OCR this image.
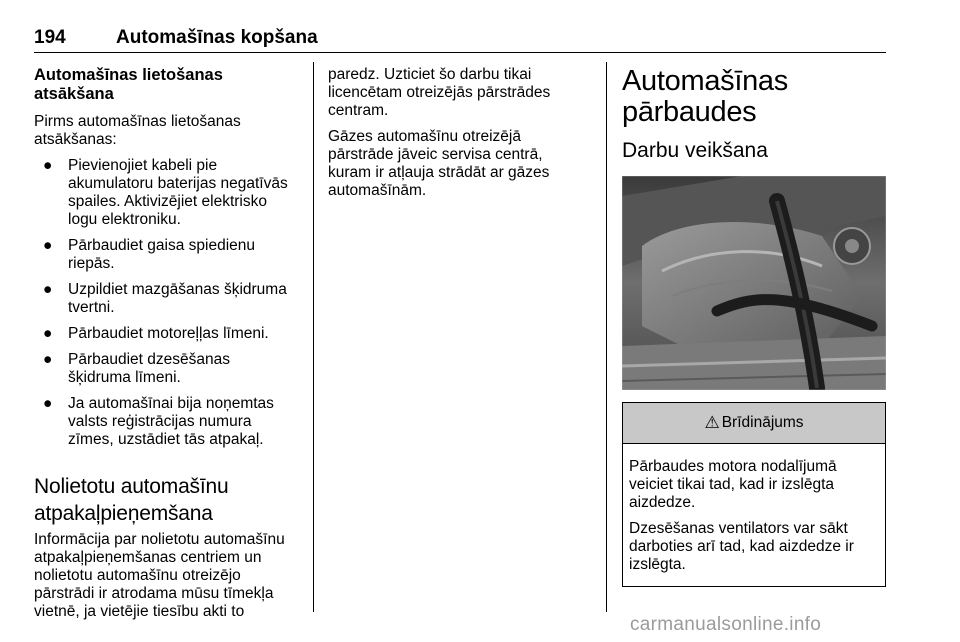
194	Automašīnas kopšana
Automašīnas lietošanas
atsākšana

Pirms automašīnas lietošanas
atsākšanas:

● Pievienojiet kabeli pie
akumulatoru baterijas negatīvās
spailes. Aktivizējiet elektrisko
logu elektroniku.
● Pārbaudiet gaisa spiedienu
riepās.
● Uzpildiet mazgāšanas šķidruma
tvertni.
● Pārbaudiet motoreļļas līmeni.
● Pārbaudiet dzesēšanas
šķidruma līmeni.
● Ja automašīnai bija noņemtas
valsts reģistrācijas numura
zīmes, uzstādiet tās atpakaļ.
Nolietotu automašīnu
atpakaļpieņemšana

Informācija par nolietotu automašīnu
atpakaļpieņemšanas centriem un
nolietotu automašīnu otreizējo
pārstrādi ir atrodama mūsu tīmekļa
vietnē, ja vietējie tiesību akti to

paredz. Uzticiet šo darbu tikai
licencētam otreizējās pārstrādes
centram.

Gāzes automašīnu otreizējā
pārstrāde jāveic servisa centrā,
kuram ir atļauja strādāt ar gāzes
automašīnām.

Automašīnas
pārbaudes
Darbu veikšana
⚠ Brīdinājums

Pārbaudes motora nodalījumā
veiciet tikai tad, kad ir izslēgta
aizdedze.

Dzesēšanas ventilators var sākt
darboties arī tad, kad aizdedze ir
izslēgta.

carmanualsonline.info
